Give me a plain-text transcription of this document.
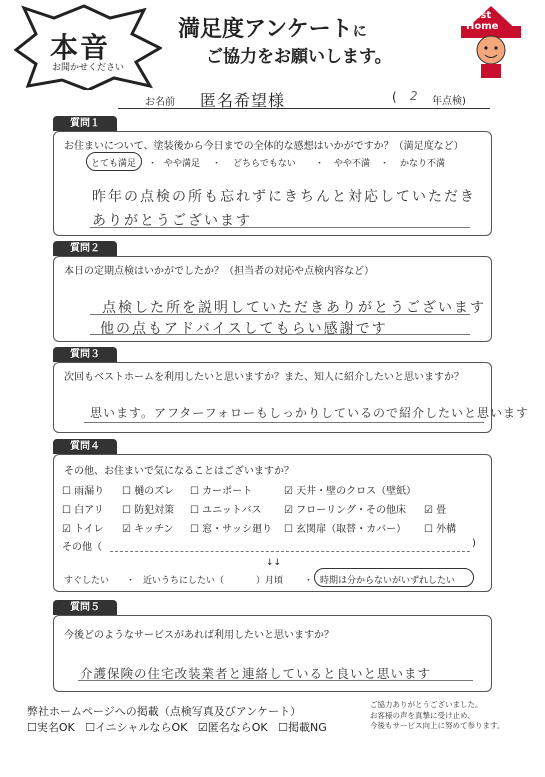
本音
お聞かせください
満足度アンケートに
ご協力をお願いします。
Best Home
お名前 匿名希望様	( 2 年点検)
質問１
お住まいについて、塗装後から今日までの全体的な感想はいかがですか？（満足度など）
とても満足 ・ やや満足 ・ どちらでもない ・ やや不満 ・ かなり不満
昨年の点検の所も忘れずにきちんと対応していただき
ありがとうございます
質問２
本日の定期点検はいかがでしたか？（担当者の対応や点検内容など）
点検した所を説明していただきありがとうございます
他の点もアドバイスしてもらい感謝です
質問３
次回もベストホームを利用したいと思いますか？また、知人に紹介したいと思いますか？
思います。アフターフォローもしっかりしているので紹介したいと思います
質問４
その他、お住まいで気になることはございますか？
☐ 雨漏り ☐ 樋のズレ ☐ カーポート	☑ 天井・壁のクロス（壁紙）
☐ 白アリ ☐ 防犯対策 ☐ ユニットバス ☑ フローリング・その他床 ☑ 畳
☑ トイレ ☑ キッチン ☐ 窓・サッシ廻り ☐ 玄関扉（取替・カバー） ☐ 外構
その他（	)
↓↓
すぐしたい ・ 近いうちにしたい（	）月頃 ・ 時期は分からないがいずれしたい
質問５
今後どのようなサービスがあれば利用したいと思いますか？
介護保険の住宅改装業者と連絡していると良いと思います
弊社ホームページへの掲載（点検写真及びアンケート）
☐実名OK ☐イニシャルならOK ☑匿名ならOK ☐掲載NG
ご協力ありがとうございました。
お客様の声を真摯に受け止め、
今後もサービス向上に努めて参ります。
